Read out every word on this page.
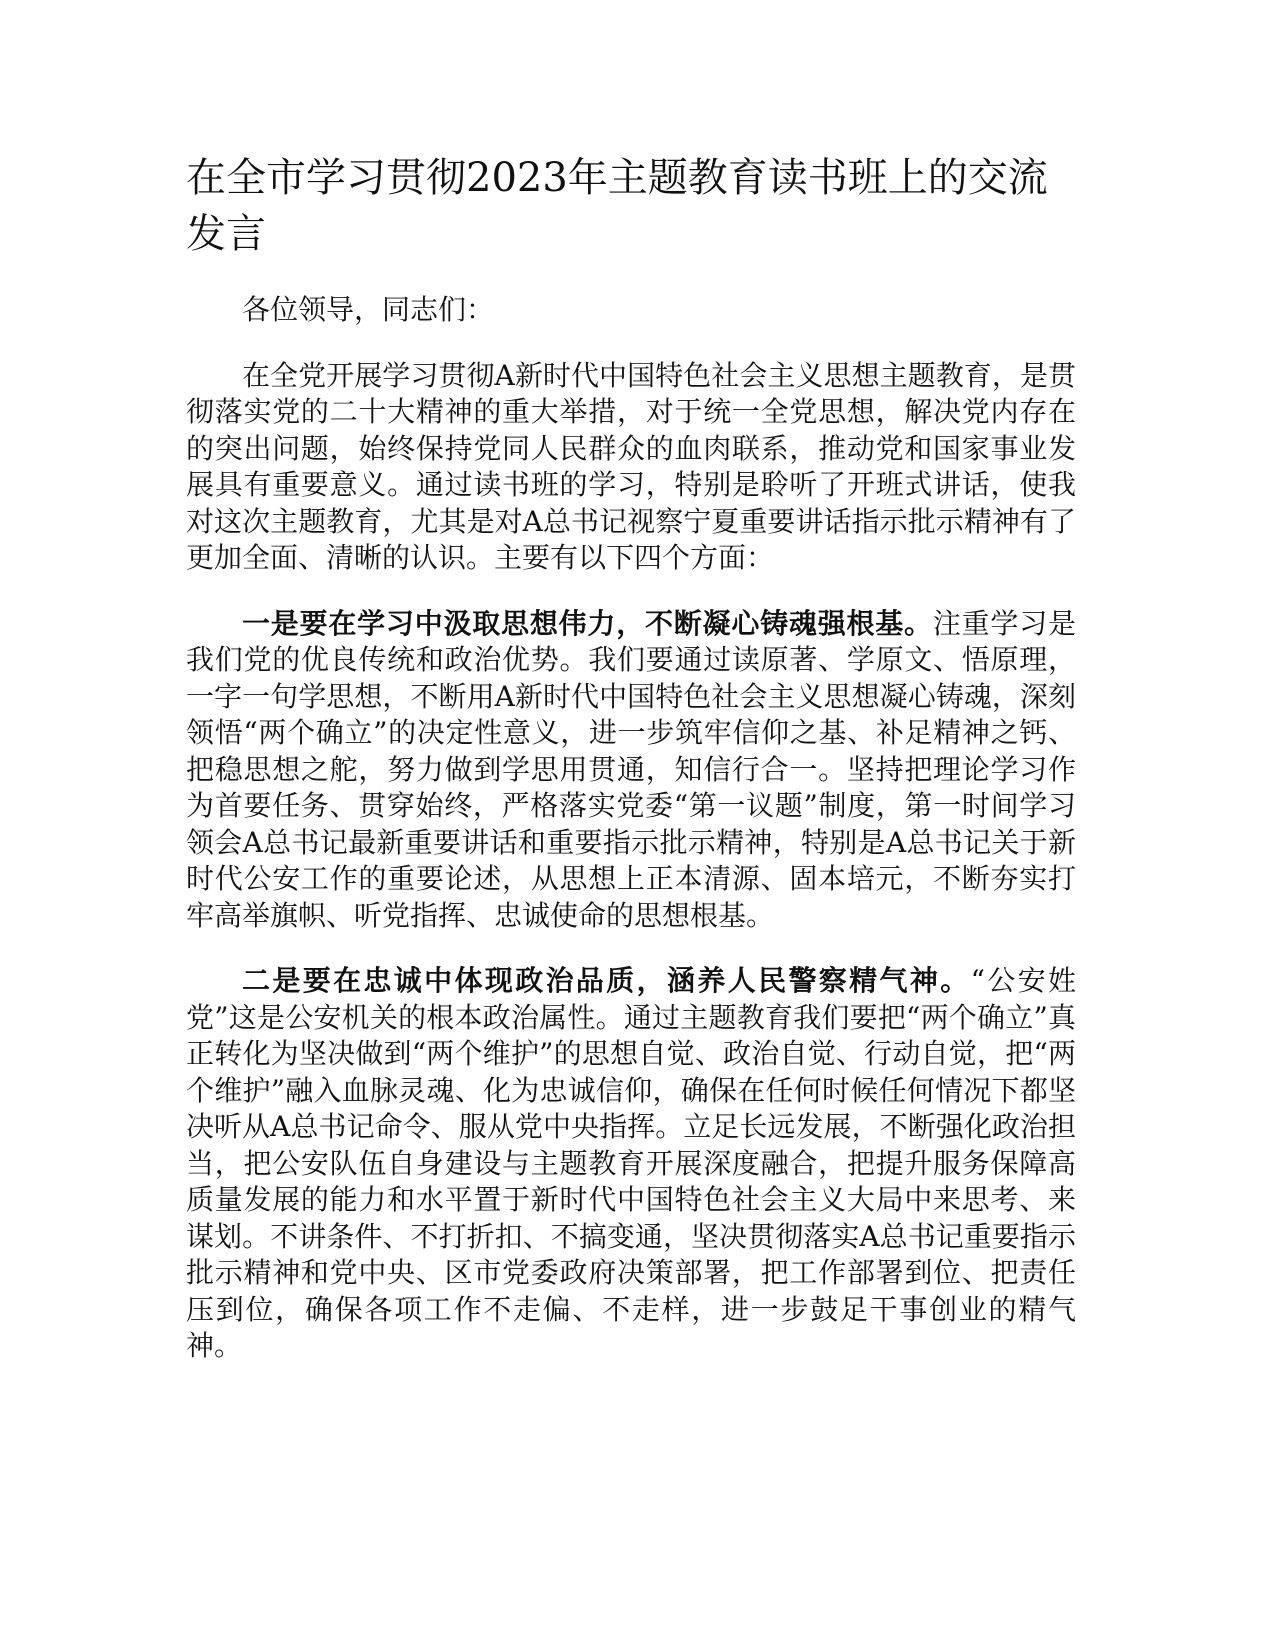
在全市学习贯彻2023年主题教育读书班上的交流发言

各位领导，同志们：

在全党开展学习贯彻A新时代中国特色社会主义思想主题教育，是贯彻落实党的二十大精神的重大举措，对于统一全党思想，解决党内存在的突出问题，始终保持党同人民群众的血肉联系，推动党和国家事业发展具有重要意义。通过读书班的学习，特别是聆听了开班式讲话，使我对这次主题教育，尤其是对A总书记视察宁夏重要讲话指示批示精神有了更加全面、清晰的认识。主要有以下四个方面：

一是要在学习中汲取思想伟力，不断凝心铸魂强根基。注重学习是我们党的优良传统和政治优势。我们要通过读原著、学原文、悟原理，一字一句学思想，不断用A新时代中国特色社会主义思想凝心铸魂，深刻领悟“两个确立”的决定性意义，进一步筑牢信仰之基、补足精神之钙、把稳思想之舵，努力做到学思用贯通，知信行合一。坚持把理论学习作为首要任务、贯穿始终，严格落实党委“第一议题”制度，第一时间学习领会A总书记最新重要讲话和重要指示批示精神，特别是A总书记关于新时代公安工作的重要论述，从思想上正本清源、固本培元，不断夯实打牢高举旗帜、听党指挥、忠诚使命的思想根基。

二是要在忠诚中体现政治品质，涵养人民警察精气神。“公安姓党”这是公安机关的根本政治属性。通过主题教育我们要把“两个确立”真正转化为坚决做到“两个维护”的思想自觉、政治自觉、行动自觉，把“两个维护”融入血脉灵魂、化为忠诚信仰，确保在任何时候任何情况下都坚决听从A总书记命令、服从党中央指挥。立足长远发展，不断强化政治担当，把公安队伍自身建设与主题教育开展深度融合，把提升服务保障高质量发展的能力和水平置于新时代中国特色社会主义大局中来思考、来谋划。不讲条件、不打折扣、不搞变通，坚决贯彻落实A总书记重要指示批示精神和党中央、区市党委政府决策部署，把工作部署到位、把责任压到位，确保各项工作不走偏、不走样，进一步鼓足干事创业的精气神。
